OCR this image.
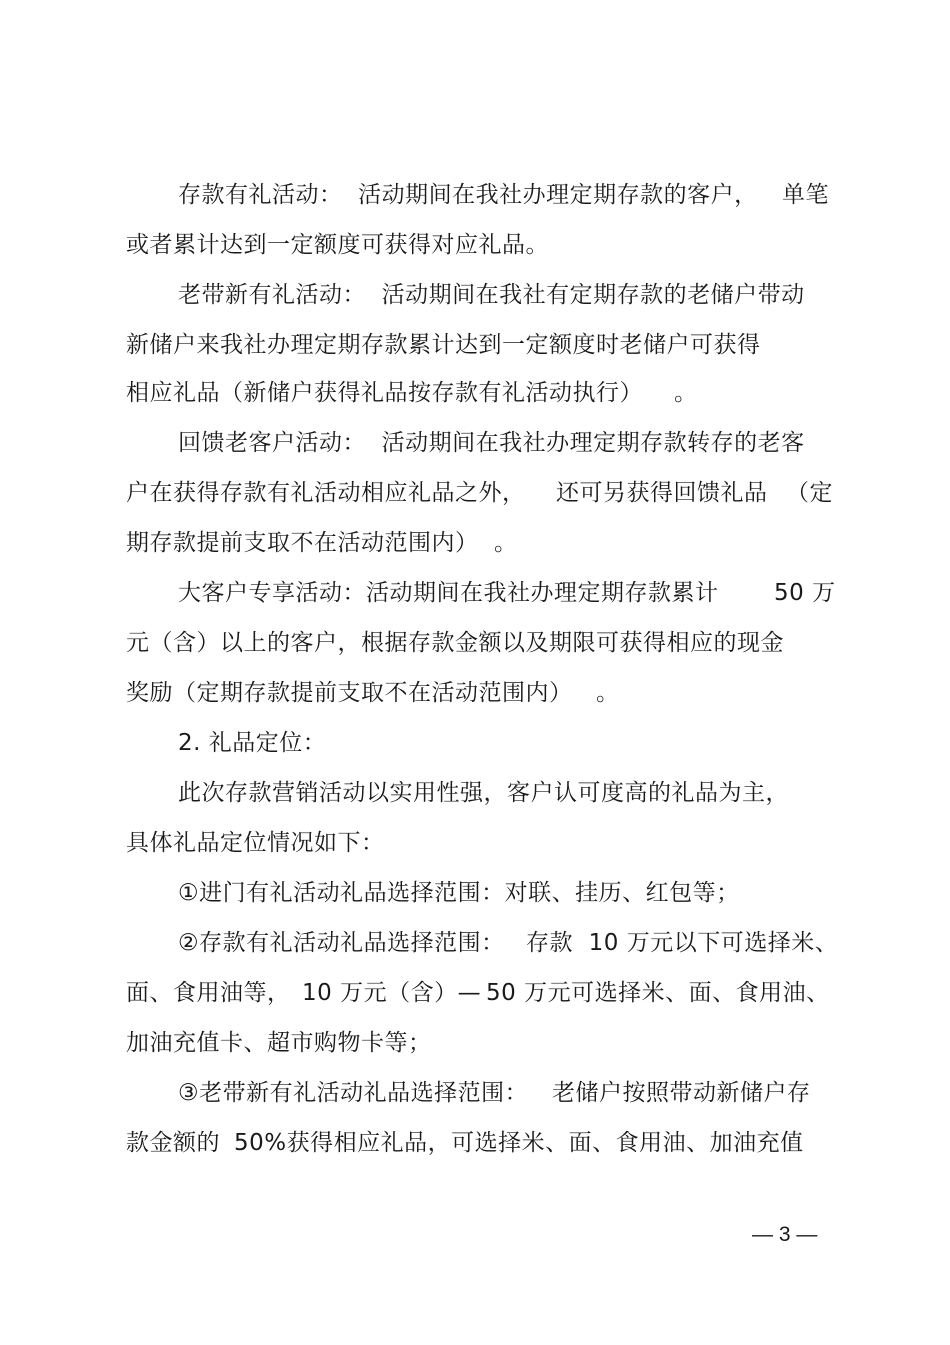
存款有礼活动：  活动期间在我社办理定期存款的客户， 单笔
或者累计达到一定额度可获得对应礼品。
老带新有礼活动：  活动期间在我社有定期存款的老储户带动
新储户来我社办理定期存款累计达到一定额度时老储户可获得
相应礼品（新储户获得礼品按存款有礼活动执行） 。
回馈老客户活动：  活动期间在我社办理定期存款转存的老客
户在获得存款有礼活动相应礼品之外， 还可另获得回馈礼品 （定
期存款提前支取不在活动范围内） 。
大客户专享活动：活动期间在我社办理定期存款累计 50 万
元（含）以上的客户，根据存款金额以及期限可获得相应的现金
奖励（定期存款提前支取不在活动范围内） 。
2. 礼品定位：
此次存款营销活动以实用性强，客户认可度高的礼品为主，
具体礼品定位情况如下：
①进门有礼活动礼品选择范围：对联、挂历、红包等；
②存款有礼活动礼品选择范围： 存款  10 万元以下可选择米、
面、食用油等， 10 万元（含）— 50 万元可选择米、面、食用油、
加油充值卡、超市购物卡等；
③老带新有礼活动礼品选择范围： 老储户按照带动新储户存
款金额的 50%获得相应礼品，可选择米、面、食用油、加油充值
— 3 —
